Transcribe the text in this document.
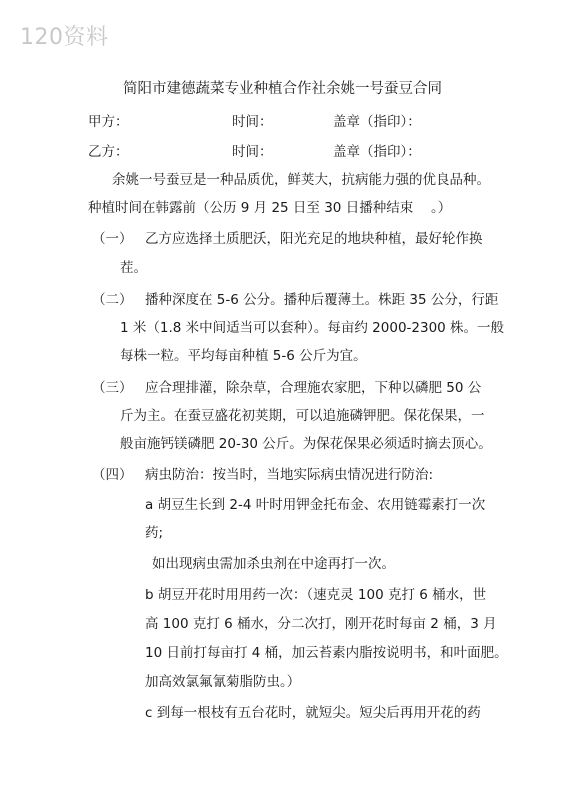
120资料
简阳市建德蔬菜专业种植合作社余姚一号蚕豆合同
甲方：	时间：	盖章（指印）：
乙方：	时间：	盖章（指印）：
余姚一号蚕豆是一种品质优，鲜荚大，抗病能力强的优良品种。
种植时间在韩露前（公历 9 月 25 日至 30 日播种结束　 。）
（一） 乙方应选择土质肥沃，阳光充足的地块种植，最好轮作换
茬。
（二） 播种深度在 5-6 公分。播种后覆薄土。株距 35 公分，行距
1 米（1.8 米中间适当可以套种）。每亩约 2000-2300 株。一般
每株一粒。平均每亩种植 5-6 公斤为宜。
（三） 应合理排灌，除杂草，合理施农家肥，下种以磷肥 50 公
斤为主。在蚕豆盛花初荚期，可以追施磷钾肥。保花保果，一
般亩施钙镁磷肥 20-30 公斤。为保花保果必须适时摘去顶心。
（四） 病虫防治：按当时，当地实际病虫情况进行防治:
a 胡豆生长到 2-4 叶时用钾金托布金、农用链霉素打一次
药;
如出现病虫需加杀虫剂在中途再打一次。
b 胡豆开花时用用药一次：（速克灵 100 克打 6 桶水，世
高 100 克打 6 桶水，分二次打，刚开花时每亩 2 桶，3 月
10 日前打每亩打 4 桶，加云苔素内脂按说明书，和叶面肥。
加高效氯氟氰菊脂防虫。）
c 到每一根枝有五台花时，就短尖。短尖后再用开花的药
